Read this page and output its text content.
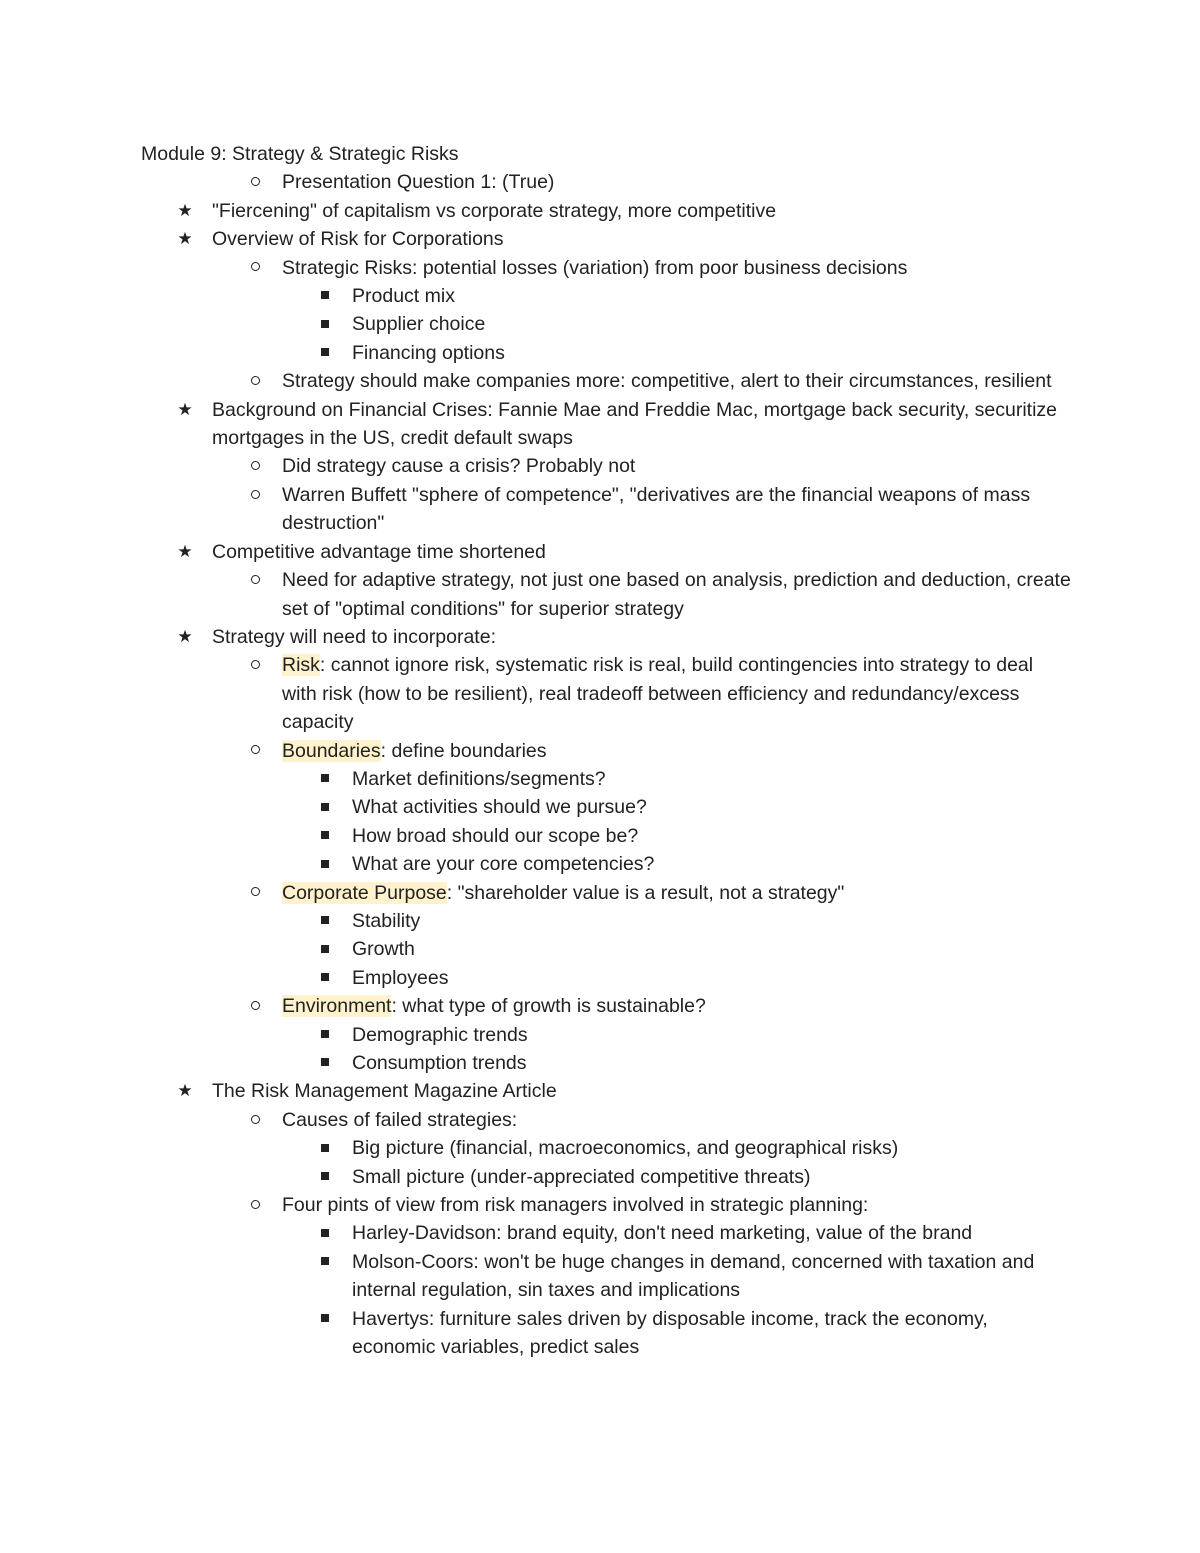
Module 9: Strategy & Strategic Risks
Presentation Question 1: (True)
★ "Fiercening" of capitalism vs corporate strategy, more competitive
★ Overview of Risk for Corporations
Strategic Risks: potential losses (variation) from poor business decisions
Product mix
Supplier choice
Financing options
Strategy should make companies more: competitive, alert to their circumstances, resilient
★ Background on Financial Crises: Fannie Mae and Freddie Mac, mortgage back security, securitize mortgages in the US, credit default swaps
Did strategy cause a crisis? Probably not
Warren Buffett "sphere of competence", "derivatives are the financial weapons of mass destruction"
★ Competitive advantage time shortened
Need for adaptive strategy, not just one based on analysis, prediction and deduction, create set of "optimal conditions" for superior strategy
★ Strategy will need to incorporate:
Risk: cannot ignore risk, systematic risk is real, build contingencies into strategy to deal with risk (how to be resilient), real tradeoff between efficiency and redundancy/excess capacity
Boundaries: define boundaries
Market definitions/segments?
What activities should we pursue?
How broad should our scope be?
What are your core competencies?
Corporate Purpose: "shareholder value is a result, not a strategy"
Stability
Growth
Employees
Environment: what type of growth is sustainable?
Demographic trends
Consumption trends
★ The Risk Management Magazine Article
Causes of failed strategies:
Big picture (financial, macroeconomics, and geographical risks)
Small picture (under-appreciated competitive threats)
Four pints of view from risk managers involved in strategic planning:
Harley-Davidson: brand equity, don't need marketing, value of the brand
Molson-Coors: won't be huge changes in demand, concerned with taxation and internal regulation, sin taxes and implications
Havertys: furniture sales driven by disposable income, track the economy, economic variables, predict sales
